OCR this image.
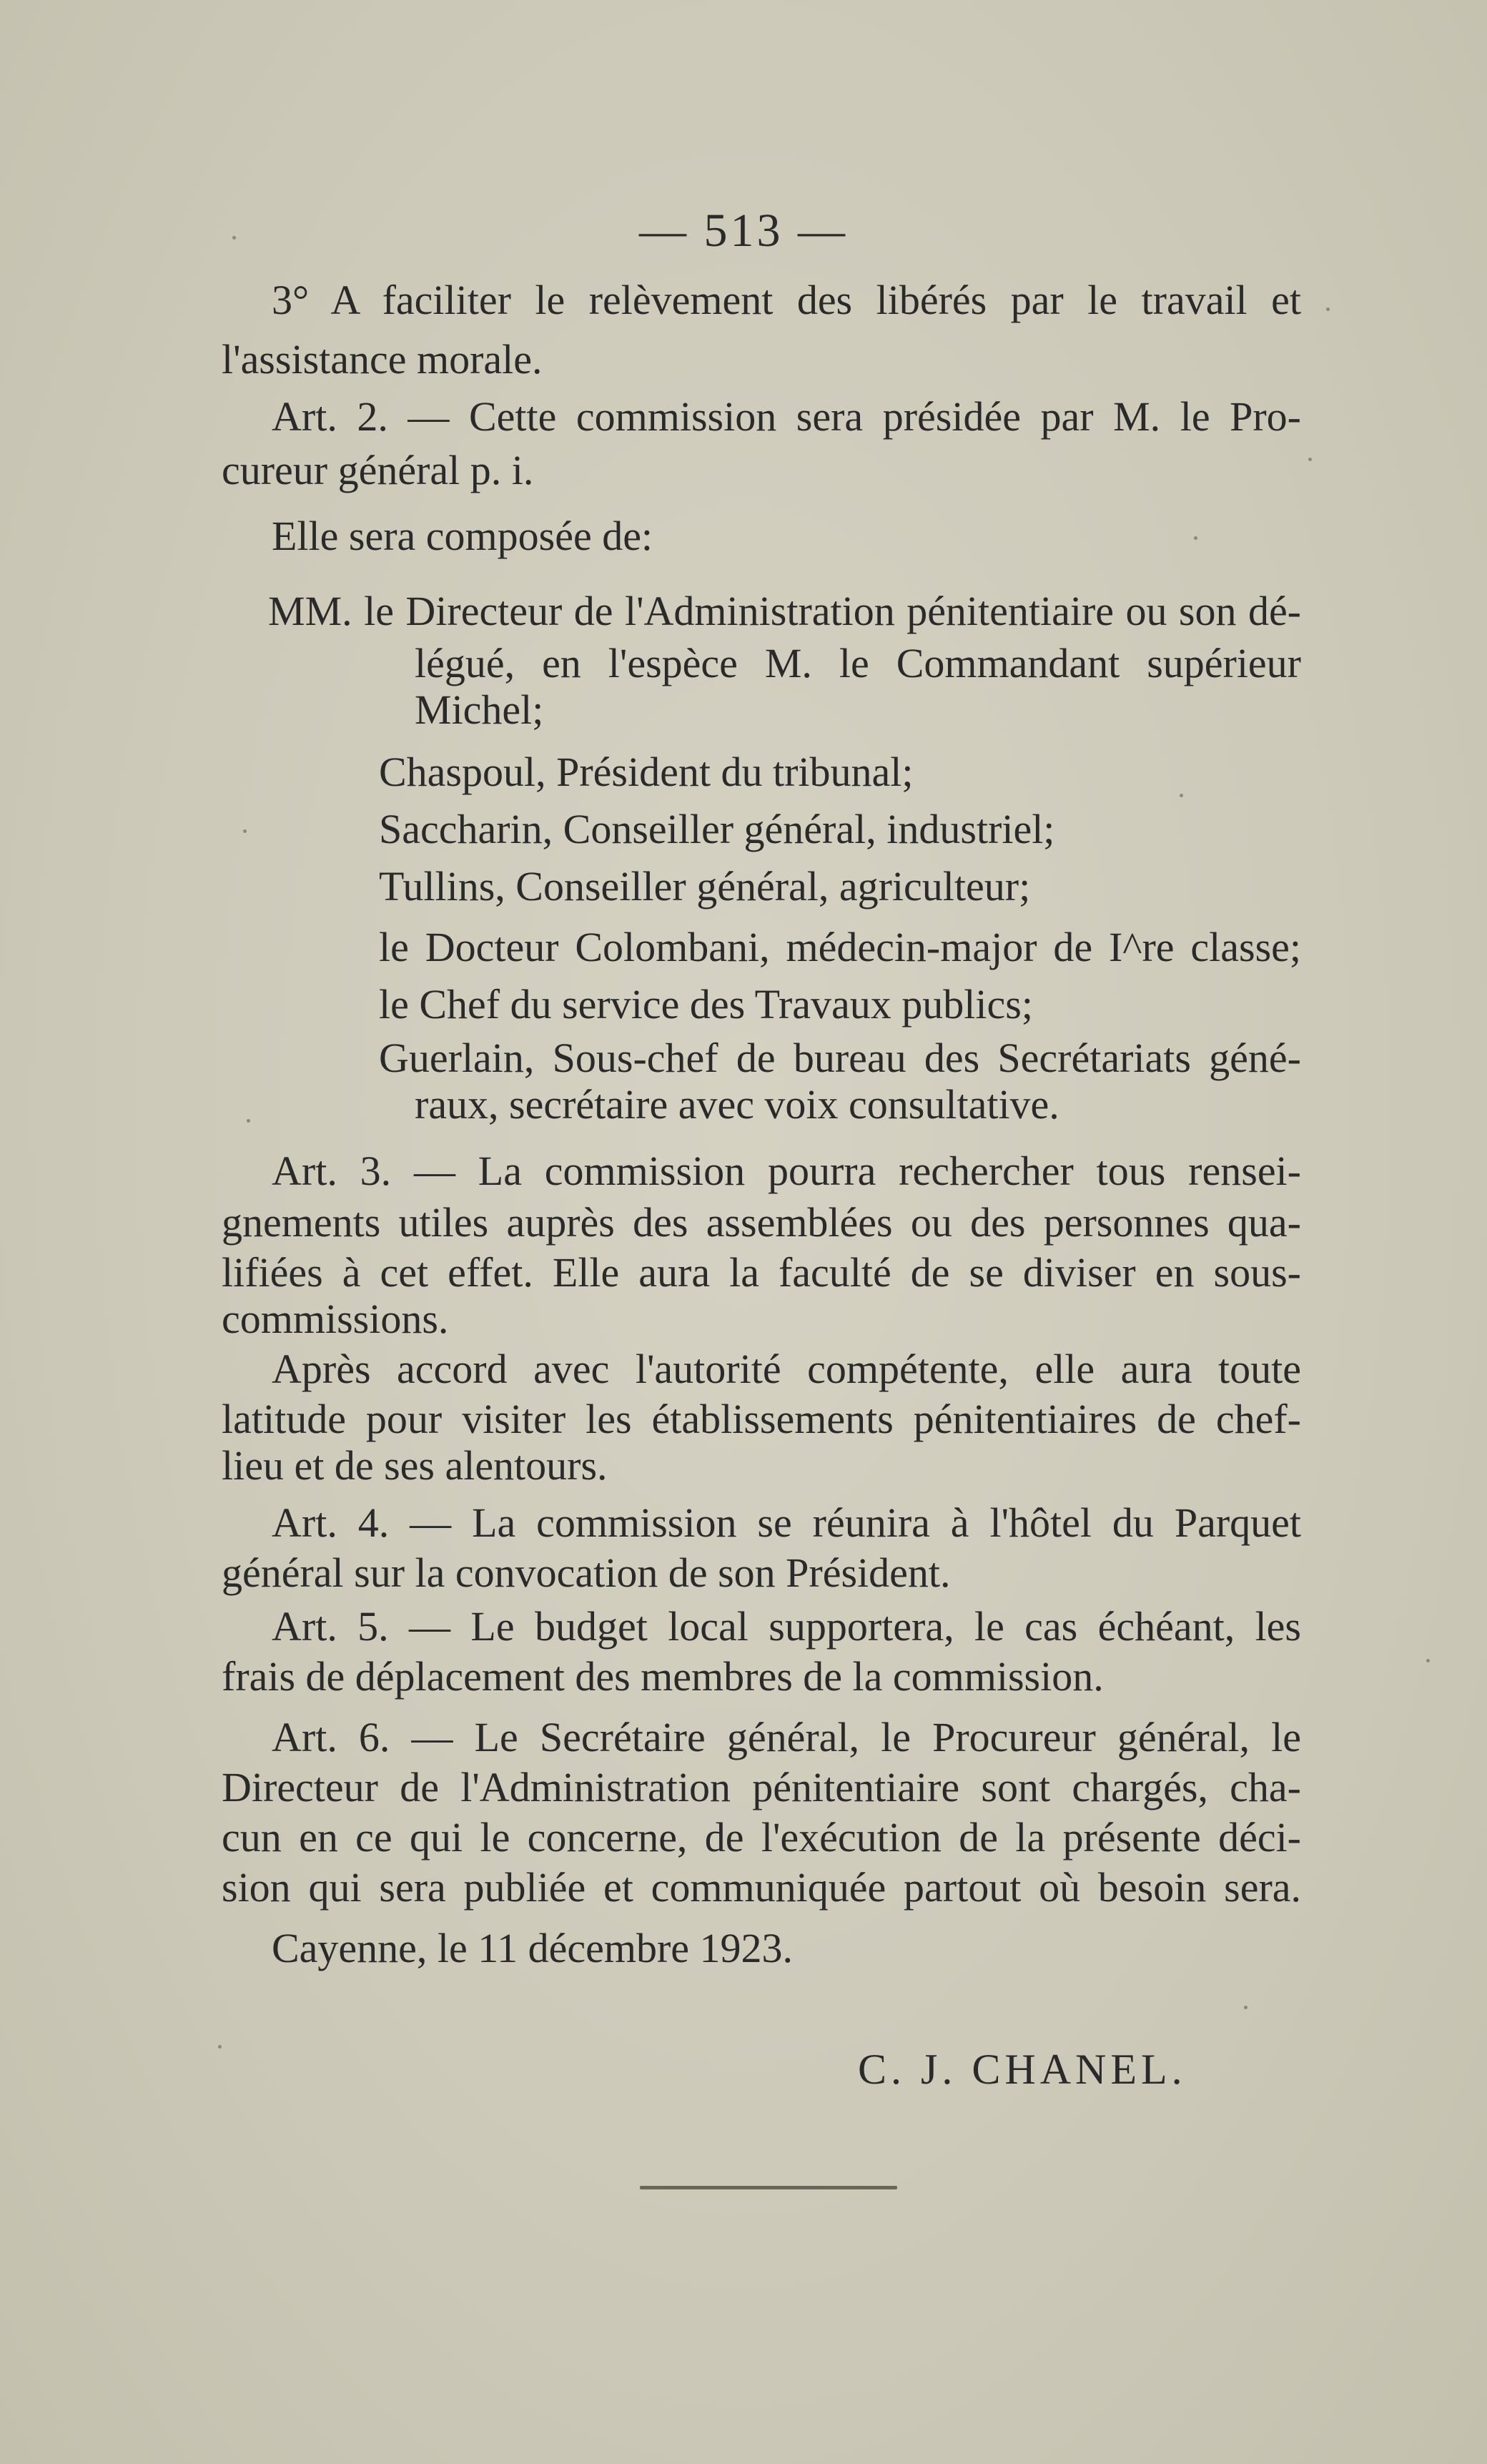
— 513 —
3° A faciliter le relèvement des libérés par le travail et
l'assistance morale.
Art. 2. — Cette commission sera présidée par M. le Pro-
cureur général p. i.
Elle sera composée de:
MM. le Directeur de l'Administration pénitentiaire ou son dé-
légué, en l'espèce M. le Commandant supérieur
Michel;
Chaspoul, Président du tribunal;
Saccharin, Conseiller général, industriel;
Tullins, Conseiller général, agriculteur;
le Docteur Colombani, médecin-major de I^re classe;
le Chef du service des Travaux publics;
Guerlain, Sous-chef de bureau des Secrétariats géné-
raux, secrétaire avec voix consultative.
Art. 3. — La commission pourra rechercher tous rensei-
gnements utiles auprès des assemblées ou des personnes qua-
lifiées à cet effet. Elle aura la faculté de se diviser en sous-
commissions.
Après accord avec l'autorité compétente, elle aura toute
latitude pour visiter les établissements pénitentiaires de chef-
lieu et de ses alentours.
Art. 4. — La commission se réunira à l'hôtel du Parquet
général sur la convocation de son Président.
Art. 5. — Le budget local supportera, le cas échéant, les
frais de déplacement des membres de la commission.
Art. 6. — Le Secrétaire général, le Procureur général, le
Directeur de l'Administration pénitentiaire sont chargés, cha-
cun en ce qui le concerne, de l'exécution de la présente déci-
sion qui sera publiée et communiquée partout où besoin sera.
Cayenne, le 11 décembre 1923.
C. J. CHANEL.
